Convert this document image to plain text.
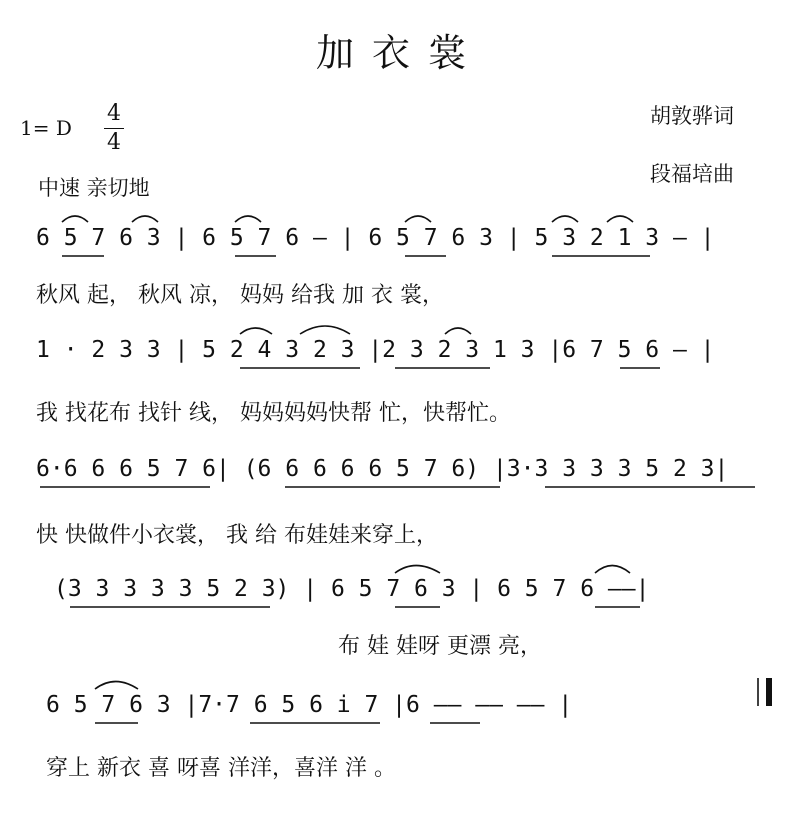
加衣裳
1= D
4
4
中速 亲切地
胡敦骅词
段福培曲
6 5 7 6 3 | 6 5 7 6 — | 6 5 7 6 3 | 5 3 2 1 3 — |
秋风 起， 秋风 凉， 妈妈 给我 加 衣 裳，
1 · 2 3 3 | 5 2 4 3 2 3 |2 3 2 3 1 3 |6 7 5 6 — |
我 找花布 找针 线， 妈妈妈妈快帮 忙，快帮忙。
6·6 6 6 5 7 6| (6 6 6 6 6 5 7 6) |3·3 3 3 3 5 2 3|
快 快做件小衣裳， 我 给 布娃娃来穿上，
(3 3 3 3 3 5 2 3) | 6 5 7 6 3 | 6 5 7 6 ——|
布 娃 娃呀 更漂 亮，
6 5 7 6 3 |7·7 6 5 6 i 7 |6 —— —— —— |
穿上 新衣 喜 呀喜 洋洋，喜洋 洋 。
